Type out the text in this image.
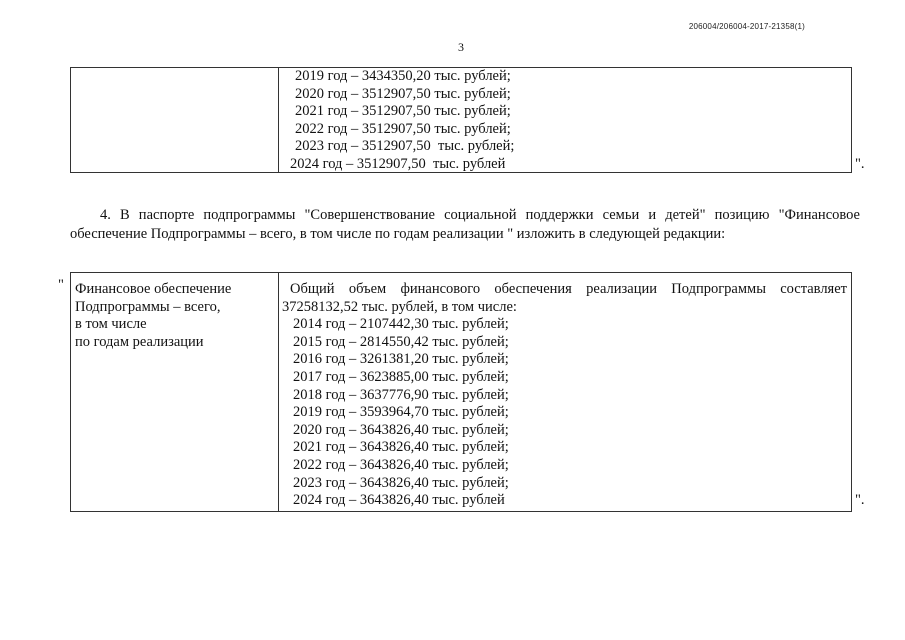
206004/206004-2017-21358(1)
3
2019 год – 3434350,20 тыс. рублей;
2020 год – 3512907,50 тыс. рублей;
2021 год – 3512907,50 тыс. рублей;
2022 год – 3512907,50 тыс. рублей;
2023 год – 3512907,50  тыс. рублей;
2024 год – 3512907,50  тыс. рублей	".
4. В паспорте подпрограммы "Совершенствование социальной поддержки семьи и детей" позицию "Финансовое обеспечение Подпрограммы – всего, в том числе по годам реализации " изложить в следующей редакции:
" Финансовое обеспечение
Подпрограммы – всего,
в том числе
по годам реализации
Общий объем финансового обеспечения реализации Подпрограммы составляет
37258132,52 тыс. рублей, в том числе:
2014 год – 2107442,30 тыс. рублей;
2015 год – 2814550,42 тыс. рублей;
2016 год – 3261381,20 тыс. рублей;
2017 год – 3623885,00 тыс. рублей;
2018 год – 3637776,90 тыс. рублей;
2019 год – 3593964,70 тыс. рублей;
2020 год – 3643826,40 тыс. рублей;
2021 год – 3643826,40 тыс. рублей;
2022 год – 3643826,40 тыс. рублей;
2023 год – 3643826,40 тыс. рублей;
2024 год – 3643826,40 тыс. рублей	".
